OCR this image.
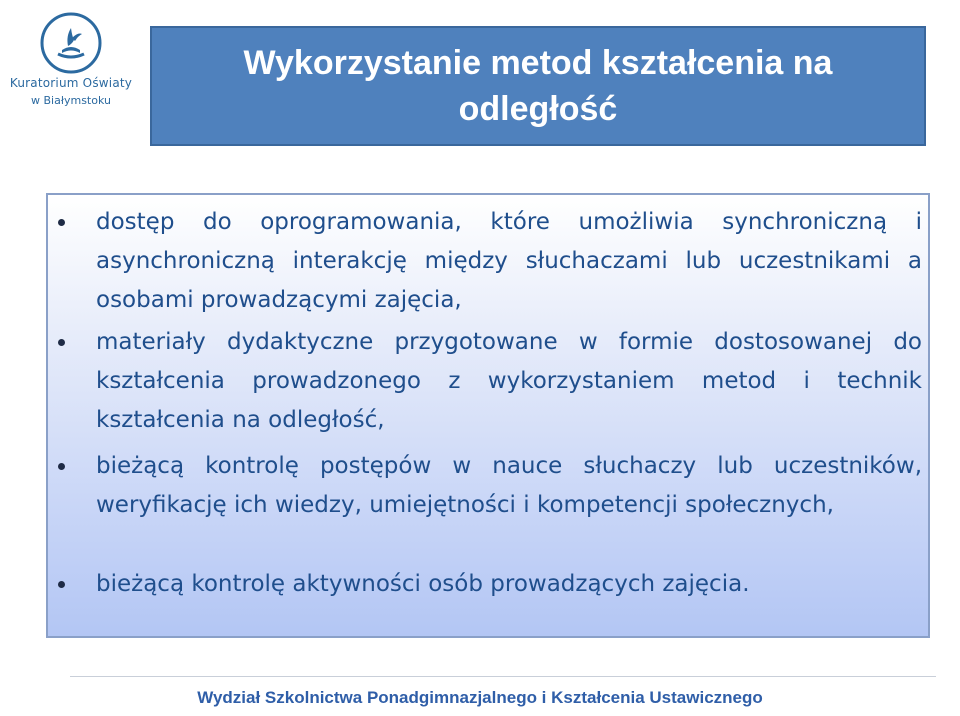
Kuratorium Oświaty
w Białymstoku
Wykorzystanie metod kształcenia na
odległość
dostęp do oprogramowania, które umożliwia synchroniczną i asynchroniczną interakcję między słuchaczami lub uczestnikami a osobami prowadzącymi zajęcia,
materiały dydaktyczne przygotowane w formie dostosowanej do kształcenia prowadzonego z wykorzystaniem metod i technik kształcenia na odległość,
bieżącą kontrolę postępów w nauce słuchaczy lub uczestników, weryfikację ich wiedzy, umiejętności i kompetencji społecznych,
bieżącą kontrolę aktywności osób prowadzących zajęcia.
Wydział Szkolnictwa Ponadgimnazjalnego i Kształcenia Ustawicznego
